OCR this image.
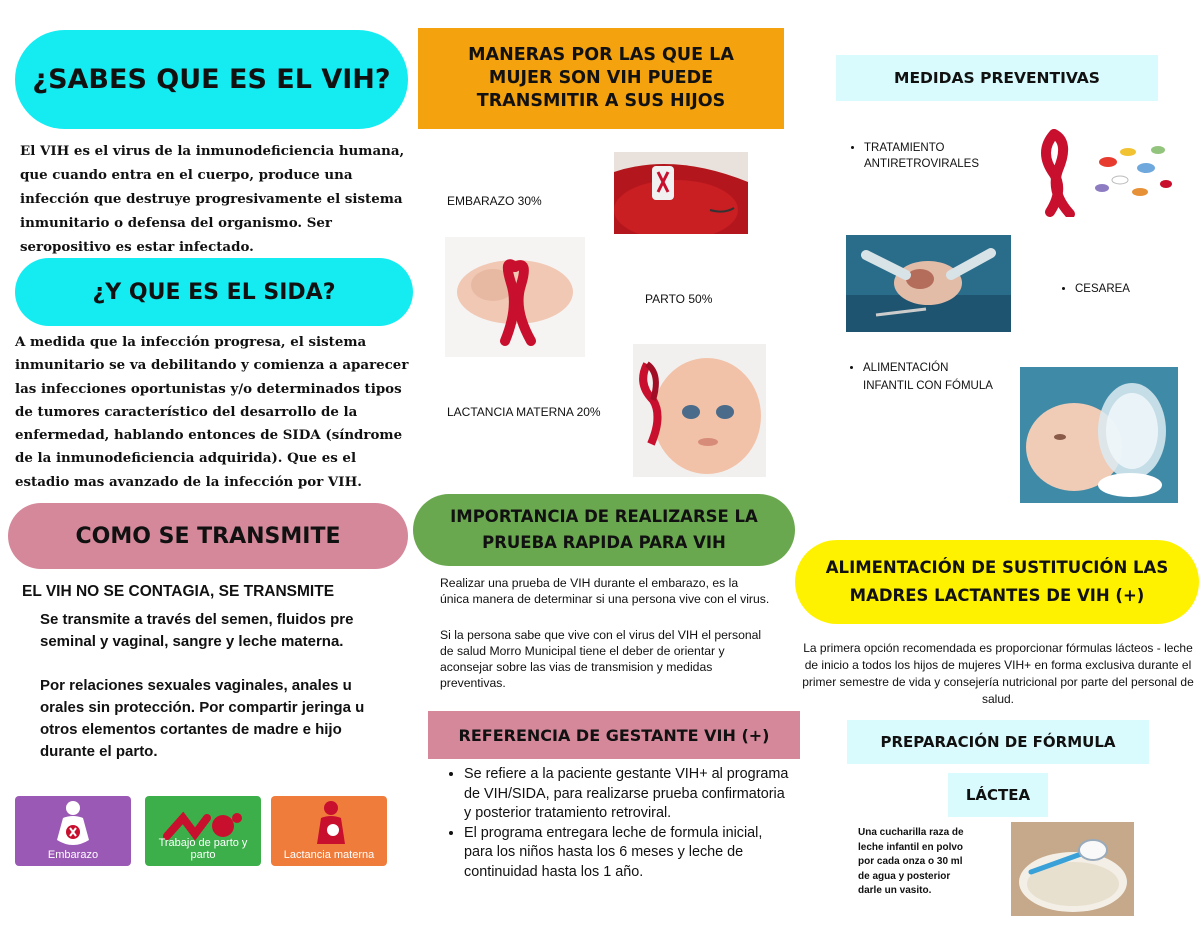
¿SABES QUE ES EL VIH?
El VIH es el virus de la inmunodeficiencia humana, que cuando entra en el cuerpo, produce una infección que destruye progresivamente el sistema inmunitario o defensa del organismo. Ser seropositivo es estar infectado.
¿Y QUE ES EL SIDA?
A medida que la infección progresa, el sistema inmunitario se va debilitando y comienza a aparecer las infecciones oportunistas y/o determinados tipos de tumores característico del desarrollo de la enfermedad, hablando entonces de SIDA (síndrome de la inmunodeficiencia adquirida). Que es el estadio mas avanzado de la infección por VIH.
COMO SE TRANSMITE
EL VIH NO SE CONTAGIA, SE TRANSMITE
Se transmite a través del semen, fluidos pre seminal y vaginal, sangre y leche materna.
Por relaciones sexuales vaginales, anales u orales sin protección. Por compartir jeringa u otros elementos cortantes de madre e hijo durante el parto.
Embarazo
Trabajo de parto y parto	Lactancia materna
MANERAS POR LAS QUE LA MUJER SON VIH PUEDE TRANSMITIR A SUS HIJOS
EMBARAZO 30%
PARTO 50%
LACTANCIA MATERNA 20%
IMPORTANCIA DE REALIZARSE LA PRUEBA RAPIDA PARA VIH
Realizar una prueba de VIH durante el embarazo, es la única manera de determinar si una persona vive con el virus.
Si la persona sabe que vive con el virus del VIH el personal de salud Morro Municipal tiene el deber de orientar y aconsejar sobre las vias de transmision y medidas preventivas.
REFERENCIA DE GESTANTE VIH (+)
• Se refiere a la paciente gestante VIH+ al programa de VIH/SIDA, para realizarse prueba confirmatoria y posterior tratamiento retroviral.
• El programa entregara leche de formula inicial, para los niños hasta los 6 meses y leche de continuidad hasta los 1 año.
MEDIDAS PREVENTIVAS
• TRATAMIENTO ANTIRETROVIRALES
• CESAREA
• ALIMENTACIÓN INFANTIL CON FÓMULA
ALIMENTACIÓN DE SUSTITUCIÓN LAS MADRES LACTANTES DE VIH (+)
La primera opción recomendada es proporcionar fórmulas lácteos - leche de inicio a todos los hijos de mujeres VIH+ en forma exclusiva durante el primer semestre de vida y consejería nutricional por parte del personal de salud.
PREPARACIÓN DE FÓRMULA
LÁCTEA
Una cucharilla raza de leche infantil en polvo por cada onza o 30 ml de agua y posterior darle un vasito.
